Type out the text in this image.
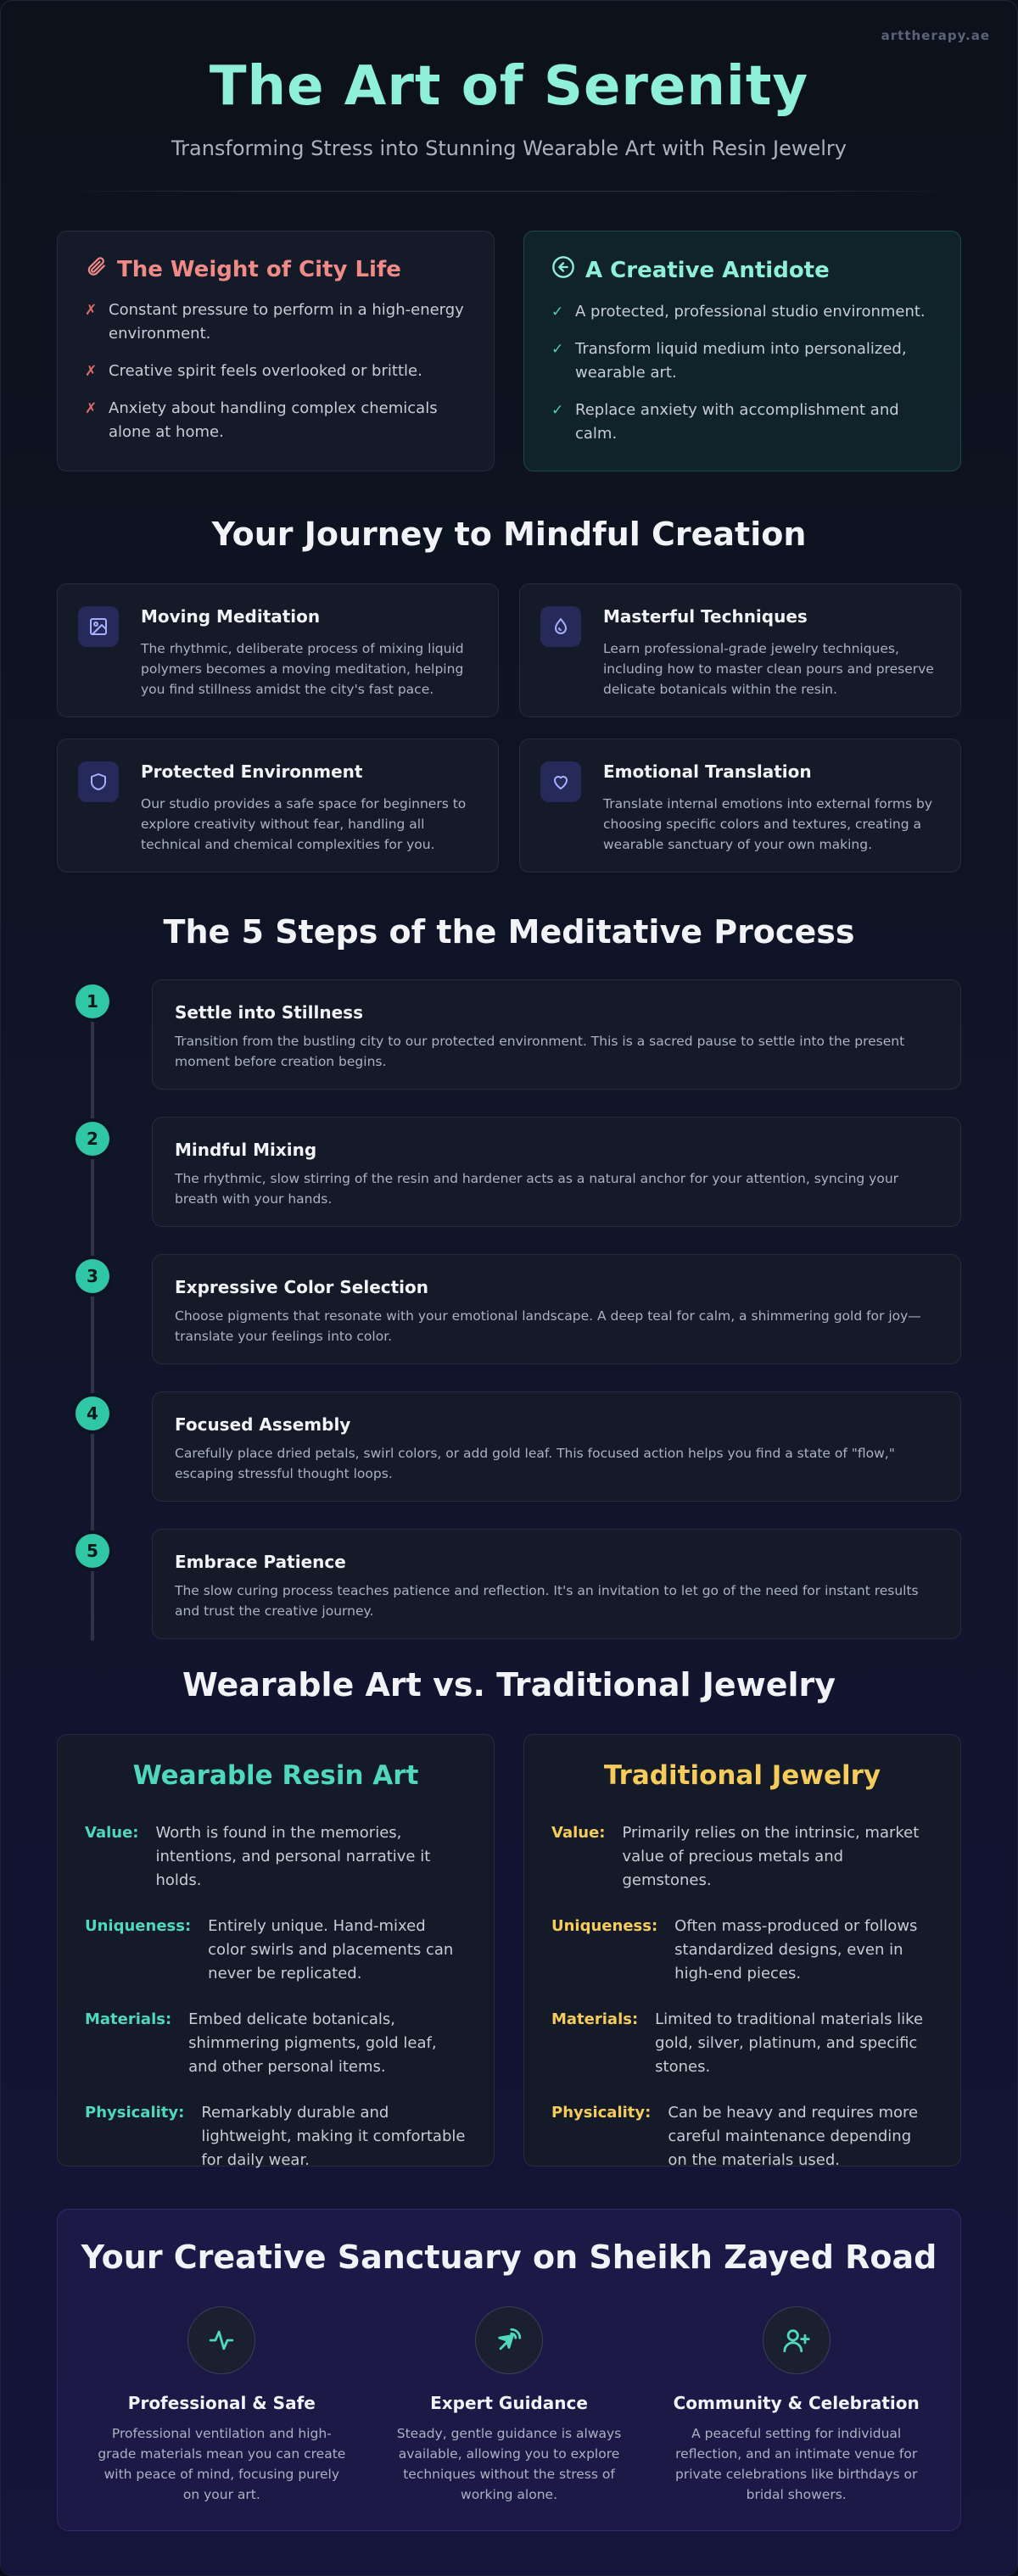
arttherapy.ae
The Art of Serenity

Transforming Stress into Stunning Wearable Art with Resin Jewelry

The Weight of City Life
✗ Constant pressure to perform in a high-energy environment.
✗ Creative spirit feels overlooked or brittle.
✗ Anxiety about handling complex chemicals alone at home.
A Creative Antidote
✓ A protected, professional studio environment.
✓ Transform liquid medium into personalized, wearable art.
✓ Replace anxiety with accomplishment and calm.
Your Journey to Mindful Creation
Moving Meditation
The rhythmic, deliberate process of mixing liquid polymers becomes a moving meditation, helping you find stillness amidst the city's fast pace.
Masterful Techniques
Learn professional-grade jewelry techniques, including how to master clean pours and preserve delicate botanicals within the resin.
Protected Environment
Our studio provides a safe space for beginners to explore creativity without fear, handling all technical and chemical complexities for you.
Emotional Translation
Translate internal emotions into external forms by choosing specific colors and textures, creating a wearable sanctuary of your own making.
The 5 Steps of the Meditative Process
1
Settle into Stillness
Transition from the bustling city to our protected environment. This is a sacred pause to settle into the present moment before creation begins.
2
Mindful Mixing
The rhythmic, slow stirring of the resin and hardener acts as a natural anchor for your attention, syncing your breath with your hands.
3
Expressive Color Selection
Choose pigments that resonate with your emotional landscape. A deep teal for calm, a shimmering gold for joy—translate your feelings into color.
4
Focused Assembly
Carefully place dried petals, swirl colors, or add gold leaf. This focused action helps you find a state of "flow," escaping stressful thought loops.
5
Embrace Patience
The slow curing process teaches patience and reflection. It's an invitation to let go of the need for instant results and trust the creative journey.
Wearable Art vs. Traditional Jewelry
Wearable Resin Art
Value: Worth is found in the memories, intentions, and personal narrative it holds.
Uniqueness: Entirely unique. Hand-mixed color swirls and placements can never be replicated.
Materials: Embed delicate botanicals, shimmering pigments, gold leaf, and other personal items.
Physicality: Remarkably durable and lightweight, making it comfortable for daily wear.
Traditional Jewelry
Value: Primarily relies on the intrinsic, market value of precious metals and gemstones.
Uniqueness: Often mass-produced or follows standardized designs, even in high-end pieces.
Materials: Limited to traditional materials like gold, silver, platinum, and specific stones.
Physicality: Can be heavy and requires more careful maintenance depending on the materials used.
Your Creative Sanctuary on Sheikh Zayed Road
Professional & Safe
Professional ventilation and high-grade materials mean you can create with peace of mind, focusing purely on your art.
Expert Guidance
Steady, gentle guidance is always available, allowing you to explore techniques without the stress of working alone.
Community & Celebration
A peaceful setting for individual reflection, and an intimate venue for private celebrations like birthdays or bridal showers.
